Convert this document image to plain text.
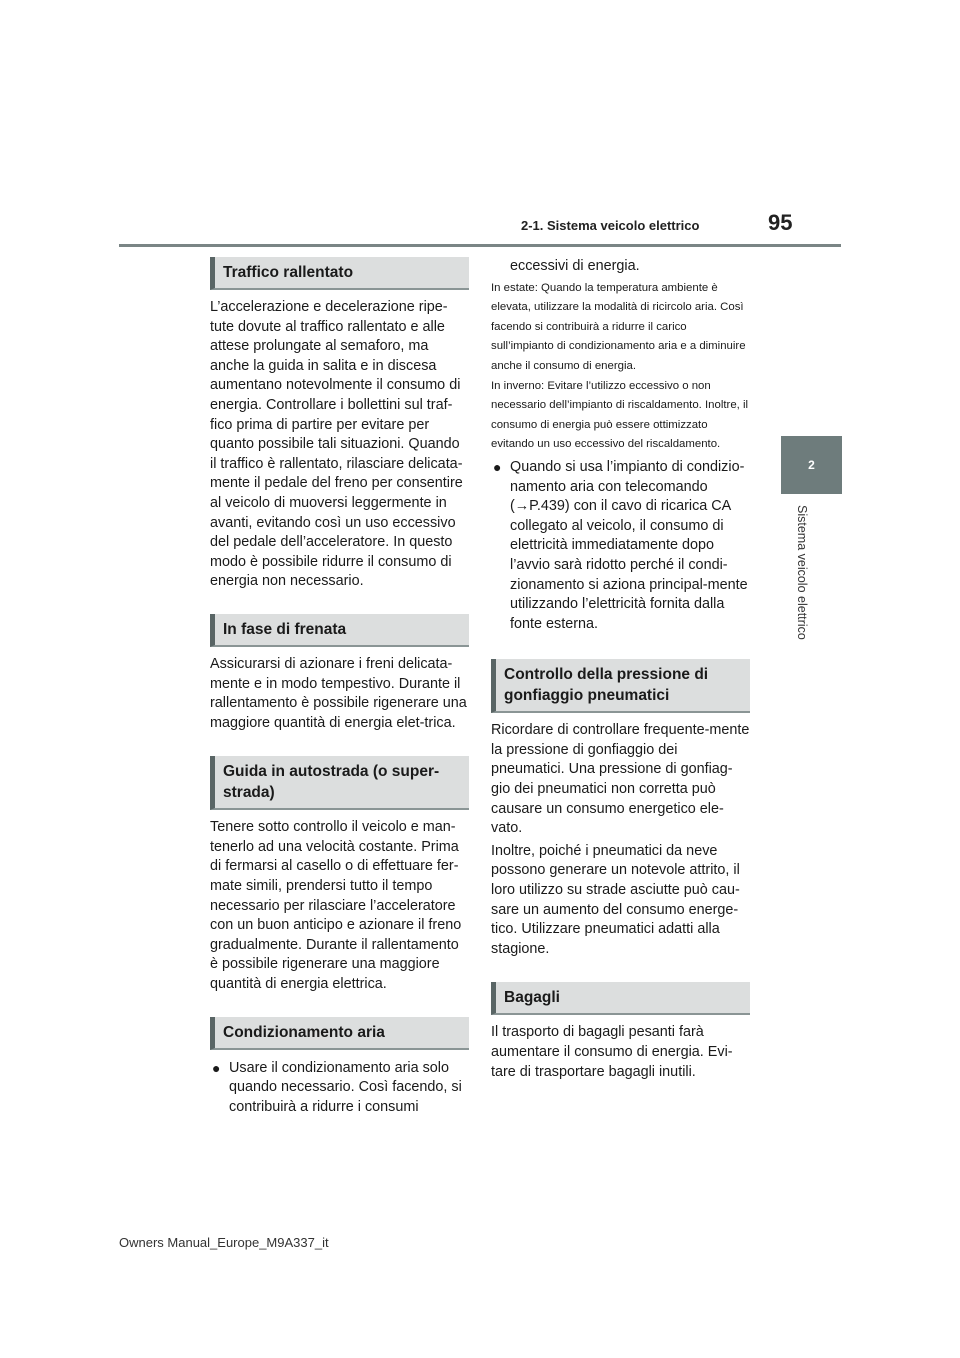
2-1. Sistema veicolo elettrico	95
2
Sistema veicolo elettrico
Traffico rallentato

L’accelerazione e decelerazione ripe-tute dovute al traffico rallentato e alle attese prolungate al semaforo, ma anche la guida in salita e in discesa aumentano notevolmente il consumo di energia. Controllare i bollettini sul traf-fico prima di partire per evitare per quanto possibile tali situazioni. Quando il traffico è rallentato, rilasciare delicata-mente il pedale del freno per consentire al veicolo di muoversi leggermente in avanti, evitando così un uso eccessivo del pedale dell’acceleratore. In questo modo è possibile ridurre il consumo di energia non necessario.

In fase di frenata

Assicurarsi di azionare i freni delicata-mente e in modo tempestivo. Durante il rallentamento è possibile rigenerare una maggiore quantità di energia elet-trica.

Guida in autostrada (o super-strada)

Tenere sotto controllo il veicolo e man-tenerlo ad una velocità costante. Prima di fermarsi al casello o di effettuare fer-mate simili, prendersi tutto il tempo necessario per rilasciare l’acceleratore con un buon anticipo e azionare il freno gradualmente. Durante il rallentamento è possibile rigenerare una maggiore quantità di energia elettrica.

Condizionamento aria

● Usare il condizionamento aria solo quando necessario. Così facendo, si contribuirà a ridurre i consumi

eccessivi di energia.

In estate: Quando la temperatura ambiente è elevata, utilizzare la modalità di ricircolo aria. Così facendo si contribuirà a ridurre il carico sull’impianto di condizionamento aria e a diminuire anche il consumo di energia.

In inverno: Evitare l’utilizzo eccessivo o non necessario dell’impianto di riscaldamento. Inoltre, il consumo di energia può essere ottimizzato evitando un uso eccessivo del riscaldamento.

● Quando si usa l’impianto di condizio-namento aria con telecomando (→P.439) con il cavo di ricarica CA collegato al veicolo, il consumo di elettricità immediatamente dopo l’avvio sarà ridotto perché il condi-zionamento si aziona principal-mente utilizzando l’elettricità fornita dalla fonte esterna.

Controllo della pressione di gonfiaggio pneumatici

Ricordare di controllare frequente-mente la pressione di gonfiaggio dei pneumatici. Una pressione di gonfiag-gio dei pneumatici non corretta può causare un consumo energetico ele-vato.

Inoltre, poiché i pneumatici da neve possono generare un notevole attrito, il loro utilizzo su strade asciutte può cau-sare un aumento del consumo energe-tico. Utilizzare pneumatici adatti alla stagione.

Bagagli

Il trasporto di bagagli pesanti farà aumentare il consumo di energia. Evi-tare di trasportare bagagli inutili.

Owners Manual_Europe_M9A337_it
